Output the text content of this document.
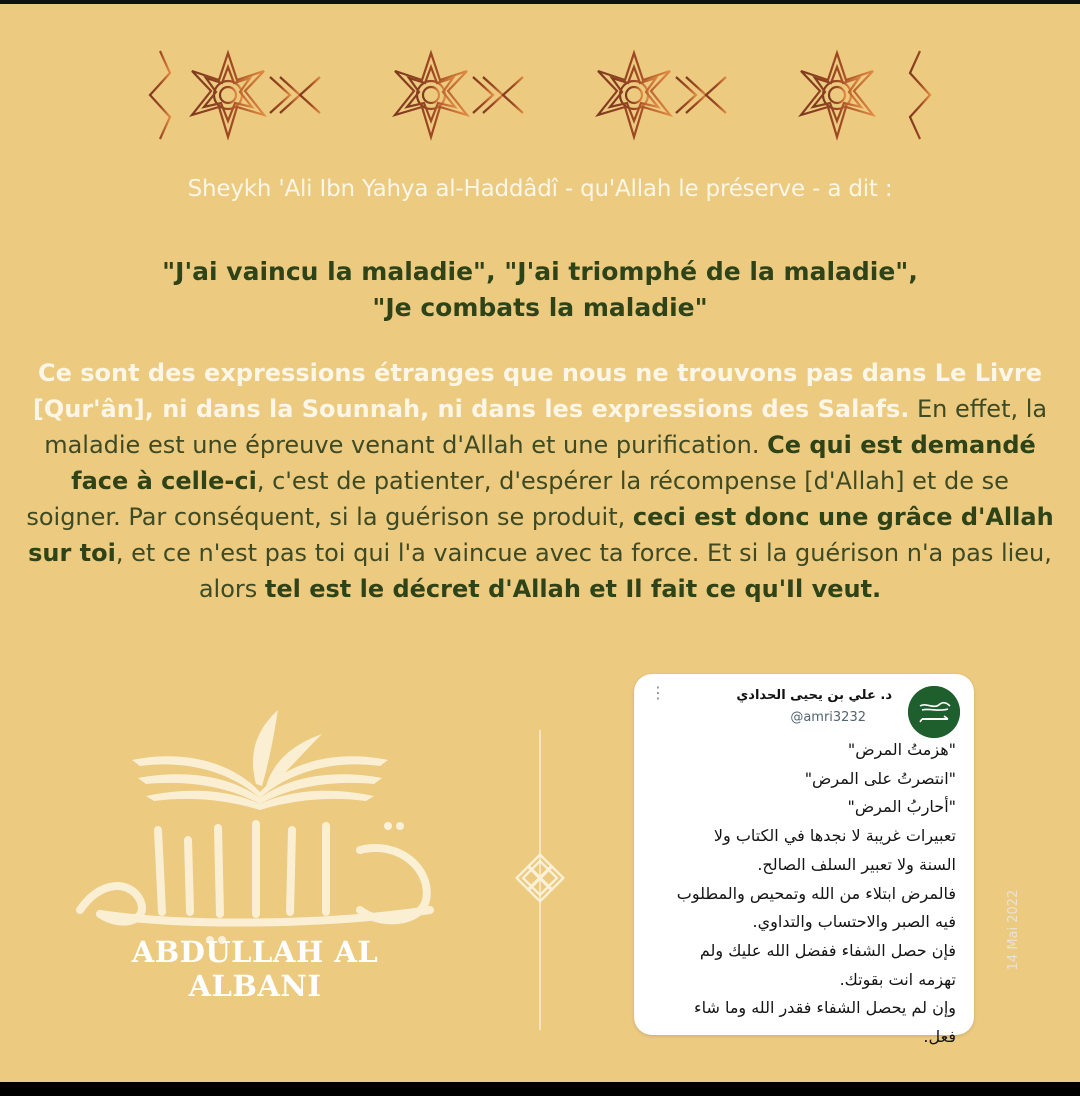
Sheykh 'Ali Ibn Yahya al-Haddâdî - qu'Allah le préserve - a dit :
"J'ai vaincu la maladie", "J'ai triomphé de la maladie",
"Je combats la maladie"
Ce sont des expressions étranges que nous ne trouvons pas dans Le Livre [Qur'ân], ni dans la Sounnah, ni dans les expressions des Salafs. En effet, la maladie est une épreuve venant d'Allah et une purification. Ce qui est demandé face à celle-ci, c'est de patienter, d'espérer la récompense [d'Allah] et de se soigner. Par conséquent, si la guérison se produit, ceci est donc une grâce d'Allah sur toi, et ce n'est pas toi qui l'a vaincue avec ta force. Et si la guérison n'a pas lieu, alors tel est le décret d'Allah et Il fait ce qu'Il veut.
عبد الله الألباني
ABDULLAH AL ALBANI
⋮	د. علي بن يحيى الحدادي
@amri3232
"هزمتُ المرض"
"انتصرتُ على المرض"
"أحاربُ المرض"
تعبيرات غريبة لا نجدها في الكتاب ولا
السنة ولا تعبير السلف الصالح.
فالمرض ابتلاء من الله وتمحيص والمطلوب
فيه الصبر والاحتساب والتداوي.
فإن حصل الشفاء ففضل الله عليك ولم
تهزمه انت بقوتك.
وإن لم يحصل الشفاء فقدر الله وما شاء
فعل.
14 Mai 2022
